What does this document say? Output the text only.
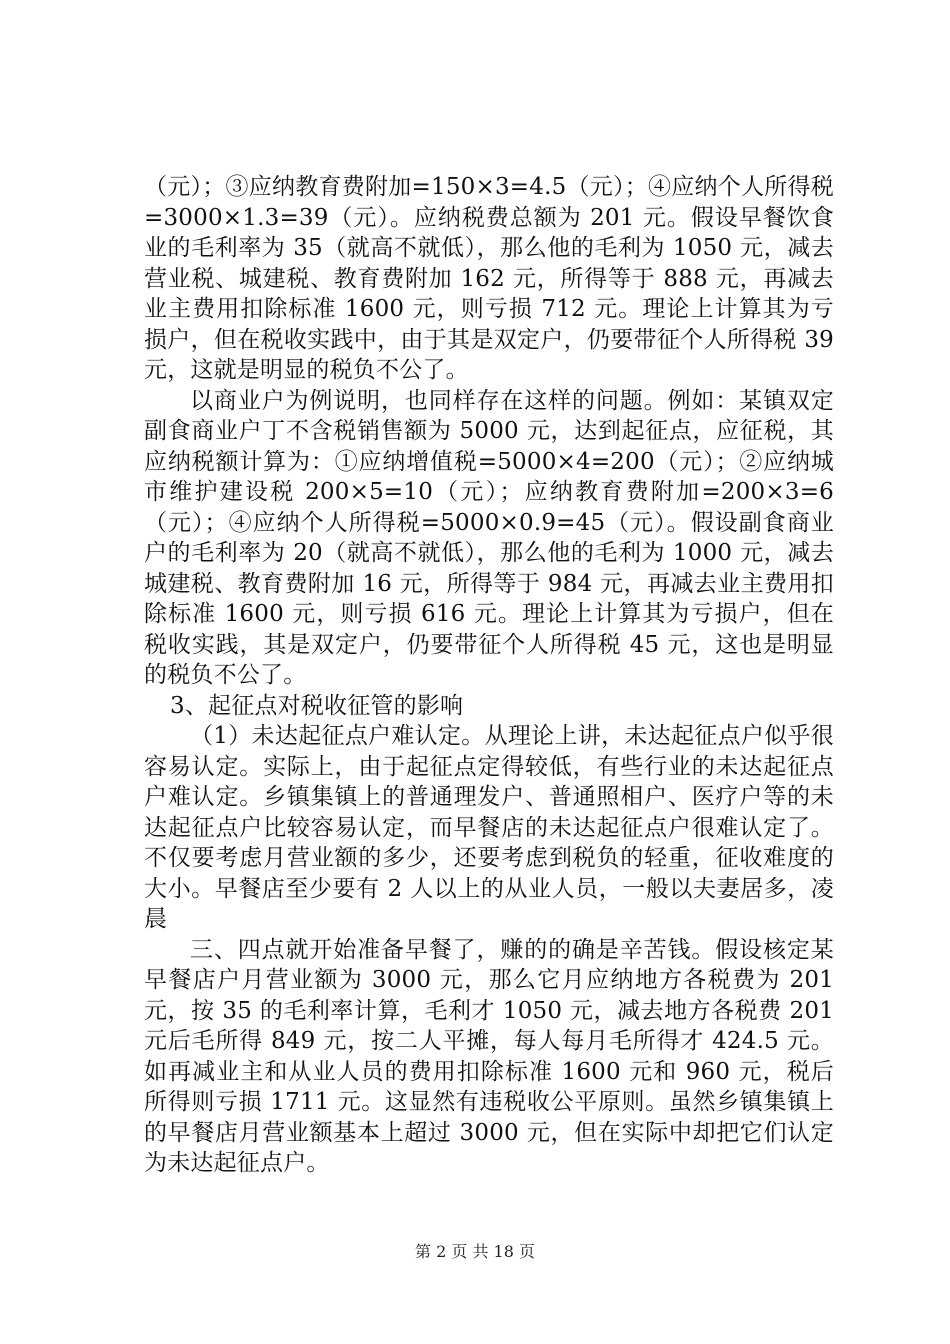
（元）；③应纳教育费附加=150×3=4.5（元）；④应纳个人所得税=3000×1.3=39（元）。应纳税费总额为 201 元。假设早餐饮食业的毛利率为 35（就高不就低），那么他的毛利为 1050 元，减去营业税、城建税、教育费附加 162 元，所得等于 888 元，再减去业主费用扣除标准 1600 元，则亏损 712 元。理论上计算其为亏损户，但在税收实践中，由于其是双定户，仍要带征个人所得税 39 元，这就是明显的税负不公了。

以商业户为例说明，也同样存在这样的问题。例如：某镇双定副食商业户丁不含税销售额为 5000 元，达到起征点，应征税，其应纳税额计算为：①应纳增值税=5000×4=200（元）；②应纳城市维护建设税 200×5=10（元）；应纳教育费附加=200×3=6（元）；④应纳个人所得税=5000×0.9=45（元）。假设副食商业户的毛利率为 20（就高不就低），那么他的毛利为 1000 元，减去城建税、教育费附加 16 元，所得等于 984 元，再减去业主费用扣除标准 1600 元，则亏损 616 元。理论上计算其为亏损户，但在税收实践，其是双定户，仍要带征个人所得税 45 元，这也是明显的税负不公了。

3、起征点对税收征管的影响

（1）未达起征点户难认定。从理论上讲，未达起征点户似乎很容易认定。实际上，由于起征点定得较低，有些行业的未达起征点户难认定。乡镇集镇上的普通理发户、普通照相户、医疗户等的未达起征点户比较容易认定，而早餐店的未达起征点户很难认定了。不仅要考虑月营业额的多少，还要考虑到税负的轻重，征收难度的大小。早餐店至少要有 2 人以上的从业人员，一般以夫妻居多，凌晨

三、四点就开始准备早餐了，赚的的确是辛苦钱。假设核定某早餐店户月营业额为 3000 元，那么它月应纳地方各税费为 201 元，按 35 的毛利率计算，毛利才 1050 元，减去地方各税费 201 元后毛所得 849 元，按二人平摊，每人每月毛所得才 424.5 元。如再减业主和从业人员的费用扣除标准 1600 元和 960 元，税后所得则亏损 1711 元。这显然有违税收公平原则。虽然乡镇集镇上的早餐店月营业额基本上超过 3000 元，但在实际中却把它们认定为未达起征点户。

第 2 页 共 18 页
